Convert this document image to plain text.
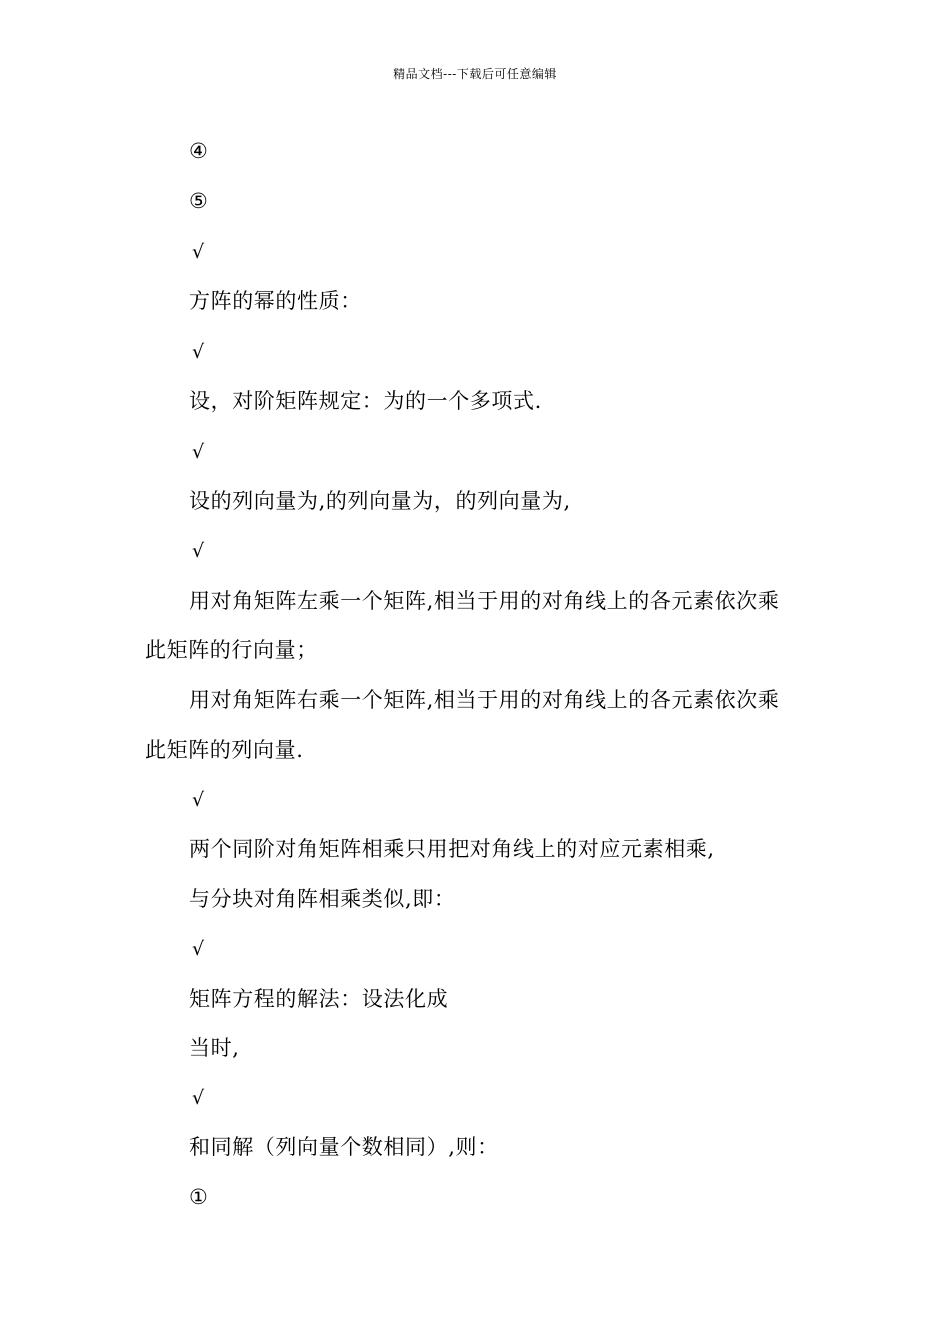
精品文档---下载后可任意编辑
④
⑤
√
方阵的幂的性质：
√
设，对阶矩阵规定：为的一个多项式.
√
设的列向量为,的列向量为，的列向量为,
√
用对角矩阵左乘一个矩阵,相当于用的对角线上的各元素依次乘
此矩阵的行向量；
用对角矩阵右乘一个矩阵,相当于用的对角线上的各元素依次乘
此矩阵的列向量.
√
两个同阶对角矩阵相乘只用把对角线上的对应元素相乘,
与分块对角阵相乘类似,即：
√
矩阵方程的解法：设法化成
当时,
√
和同解（列向量个数相同）,则：
①
